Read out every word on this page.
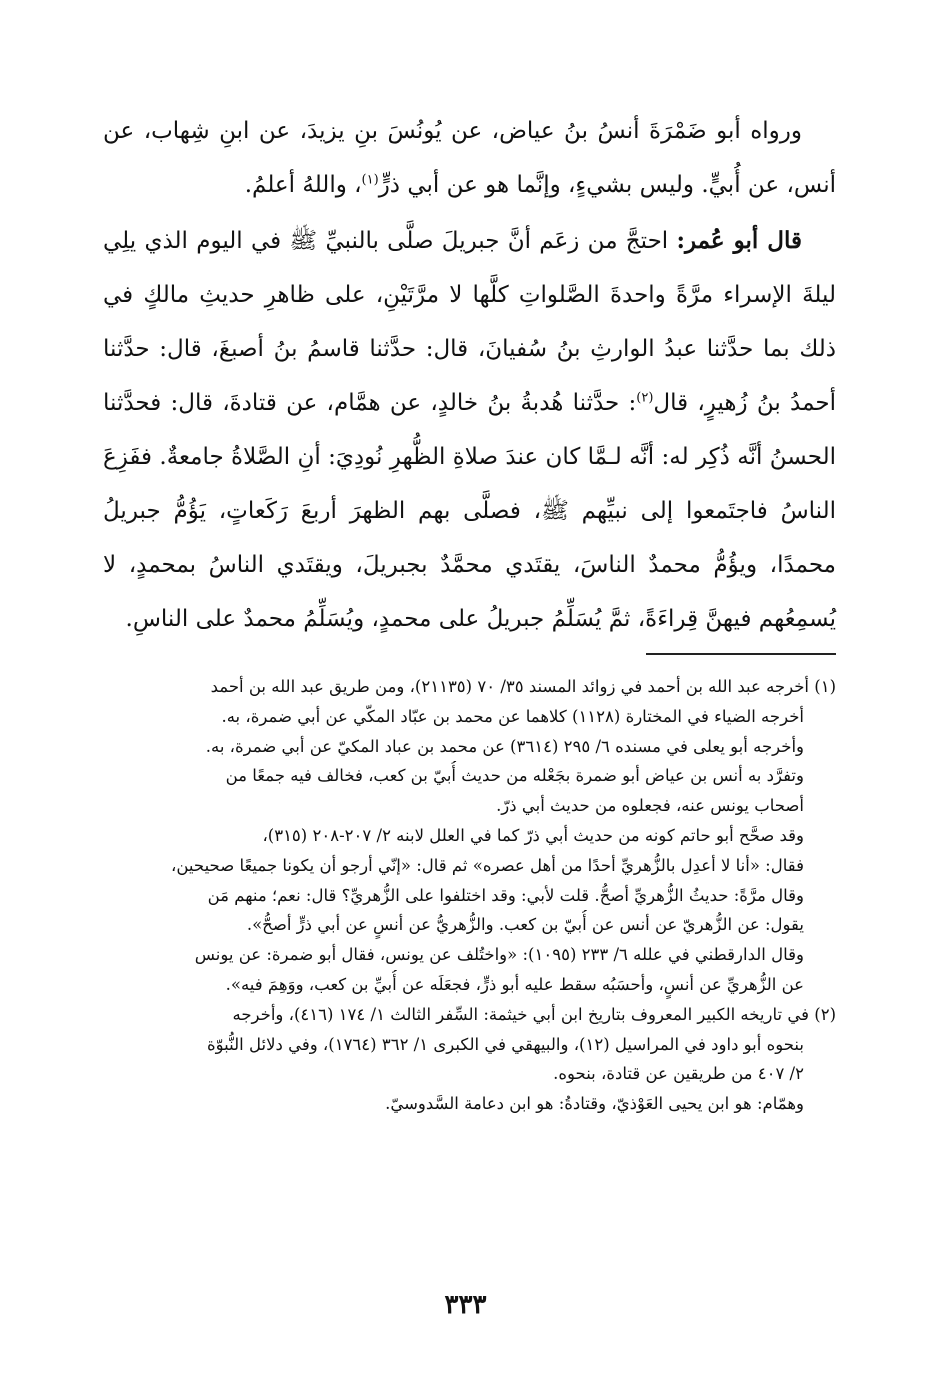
ورواه أبو ضَمْرَةَ أنسُ بنُ عياض، عن يُونُسَ بنِ يزيدَ، عن ابنِ شِهاب، عن أنس، عن أُبيٍّ. وليس بشيءٍ، وإنَّما هو عن أبي ذرٍّ$^{(١)}$، واللهُ أعلمُ.

قال أبو عُمر: احتجَّ من زعَم أنَّ جبريلَ صلَّى بالنبيِّ ﷺ في اليوم الذي يلِي ليلةَ الإسراء مرَّةً واحدةَ الصَّلواتِ كلَّها لا مرَّتَيْنِ، على ظاهرِ حديثِ مالكٍ في ذلك بما حدَّثنا عبدُ الوارثِ بنُ سُفيانَ، قال: حدَّثنا قاسمُ بنُ أصبغَ، قال: حدَّثنا أحمدُ بنُ زُهيرٍ، قال$^{(٢)}$: حدَّثنا هُدبةُ بنُ خالدٍ، عن همَّام، عن قتادةَ، قال: فحدَّثنا الحسنُ أنَّه ذُكِر له: أنَّه لـمَّا كان عندَ صلاةِ الظُّهرِ نُودِيَ: أنِ الصَّلاةُ جامعةٌ. ففَزِعَ الناسُ فاجتَمعوا إلى نبيِّهم ﷺ، فصلَّى بهم الظهرَ أربعَ رَكَعاتٍ، يَؤُمُّ جبريلُ محمدًا، ويؤُمُّ محمدٌ الناسَ، يقتَدي محمَّدٌ بجبريلَ، ويقتَدي الناسُ بمحمدٍ، لا يُسمِعُهم فيهنَّ قِراءَةً، ثمَّ يُسَلِّمُ جبريلُ على محمدٍ، ويُسَلِّمُ محمدٌ على الناسِ.

(١) أخرجه عبد الله بن أحمد في زوائد المسند ٣٥/ ٧٠ (٢١١٣٥)، ومن طريق عبد الله بن أحمد

أخرجه الضياء في المختارة (١١٢٨) كلاهما عن محمد بن عبّاد المكّي عن أبي ضمرة، به.

وأخرجه أبو يعلى في مسنده ٦/ ٢٩٥ (٣٦١٤) عن محمد بن عباد المكيّ عن أبي ضمرة، به.

وتفرَّد به أنس بن عياض أبو ضمرة بجَعْله من حديث أُبيّ بن كعب، فخالف فيه جمعًا من

أصحاب يونس عنه، فجعلوه من حديث أبي ذرّ.

وقد صحَّح أبو حاتم كونه من حديث أبي ذرّ كما في العلل لابنه ٢/ ٢٠٧-٢٠٨ (٣١٥)،

فقال: «أنا لا أعدِل بالزُّهريِّ أحدًا من أهل عصره» ثم قال: «إنّي أرجو أن يكونا جميعًا صحيحين،

وقال مرَّةً: حديثُ الزُّهريِّ أصحُّ. قلت لأبي: وقد اختلفوا على الزُّهريِّ؟ قال: نعم؛ منهم مَن

يقول: عن الزُّهريّ عن أنس عن أُبيّ بن كعب. والزُّهريُّ عن أنسٍ عن أبي ذرٍّ أصحُّ».

وقال الدارقطني في علله ٦/ ٢٣٣ (١٠٩٥): «واختُلف عن يونس، فقال أبو ضمرة: عن يونس

عن الزُّهريِّ عن أنسٍ، وأحسَبُه سقط عليه أبو ذرٍّ، فجعَلَه عن أُبيِّ بن كعب، ووَهِمَ فيه».

(٢) في تاريخه الكبير المعروف بتاريخ ابن أبي خيثمة: السِّفر الثالث ١/ ١٧٤ (٤١٦)، وأخرجه

بنحوه أبو داود في المراسيل (١٢)، والبيهقي في الكبرى ١/ ٣٦٢ (١٧٦٤)، وفي دلائل النُّبوّة

٢/ ٤٠٧ من طريقين عن قتادة، بنحوه.

وهمّام: هو ابن يحيى العَوْذيّ، وقتادةُ: هو ابن دعامة السَّدوسيّ.

٣٣٣
